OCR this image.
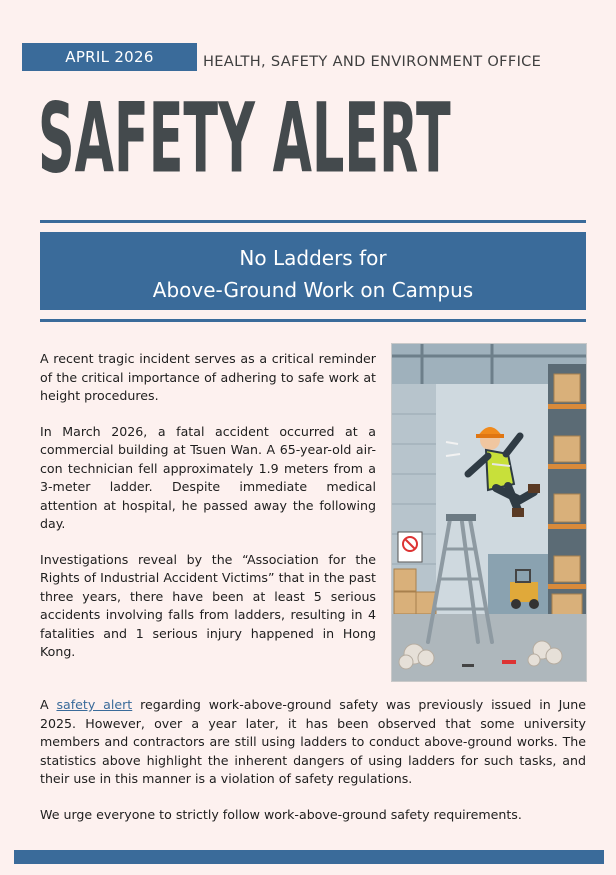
APRIL 2026	HEALTH, SAFETY AND ENVIRONMENT OFFICE
SAFETY ALERT
No Ladders for
Above-Ground Work on Campus

A recent tragic incident serves as a critical reminder of the critical importance of adhering to safe work at height procedures.

In March 2026, a fatal accident occurred at a commercial building at Tsuen Wan. A 65-year-old air-con technician fell approximately 1.9 meters from a 3-meter ladder. Despite immediate medical attention at hospital, he passed away the following day.

Investigations reveal by the “Association for the Rights of Industrial Accident Victims” that in the past three years, there have been at least 5 serious accidents involving falls from ladders, resulting in 4 fatalities and 1 serious injury happened in Hong Kong.

A safety alert regarding work-above-ground safety was previously issued in June 2025. However, over a year later, it has been observed that some university members and contractors are still using ladders to conduct above-ground works. The statistics above highlight the inherent dangers of using ladders for such tasks, and their use in this manner is a violation of safety regulations.

We urge everyone to strictly follow work-above-ground safety requirements.
